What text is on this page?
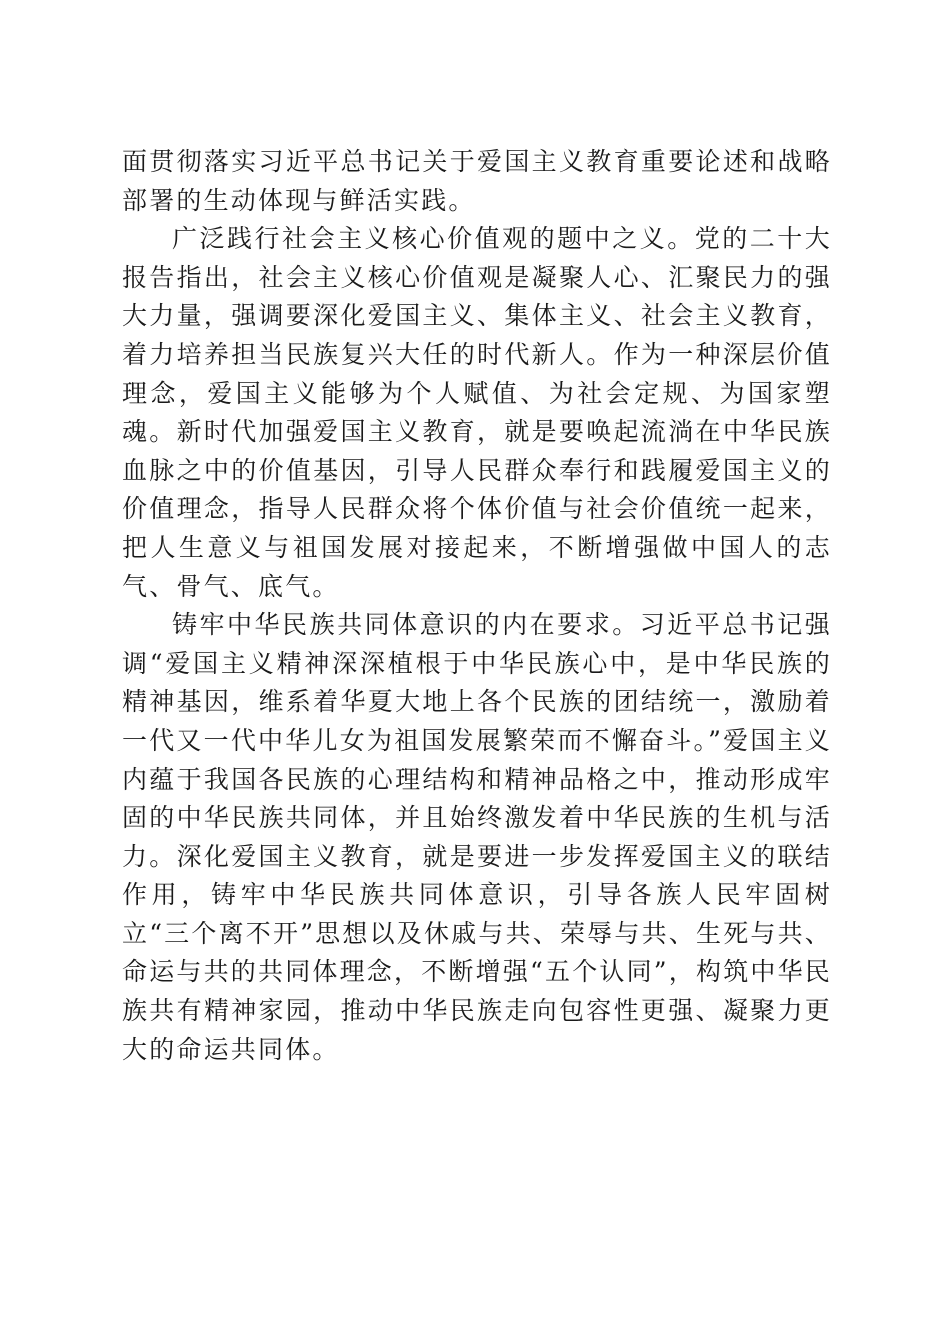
面贯彻落实习近平总书记关于爱国主义教育重要论述和战略部署的生动体现与鲜活实践。

广泛践行社会主义核心价值观的题中之义。党的二十大报告指出，社会主义核心价值观是凝聚人心、汇聚民力的强大力量，强调要深化爱国主义、集体主义、社会主义教育，着力培养担当民族复兴大任的时代新人。作为一种深层价值理念，爱国主义能够为个人赋值、为社会定规、为国家塑魂。新时代加强爱国主义教育，就是要唤起流淌在中华民族血脉之中的价值基因，引导人民群众奉行和践履爱国主义的价值理念，指导人民群众将个体价值与社会价值统一起来，把人生意义与祖国发展对接起来，不断增强做中国人的志气、骨气、底气。

铸牢中华民族共同体意识的内在要求。习近平总书记强调“爱国主义精神深深植根于中华民族心中，是中华民族的精神基因，维系着华夏大地上各个民族的团结统一，激励着一代又一代中华儿女为祖国发展繁荣而不懈奋斗。”爱国主义内蕴于我国各民族的心理结构和精神品格之中，推动形成牢固的中华民族共同体，并且始终激发着中华民族的生机与活力。深化爱国主义教育，就是要进一步发挥爱国主义的联结作用，铸牢中华民族共同体意识，引导各族人民牢固树立“三个离不开”思想以及休戚与共、荣辱与共、生死与共、命运与共的共同体理念，不断增强“五个认同”，构筑中华民族共有精神家园，推动中华民族走向包容性更强、凝聚力更大的命运共同体。
